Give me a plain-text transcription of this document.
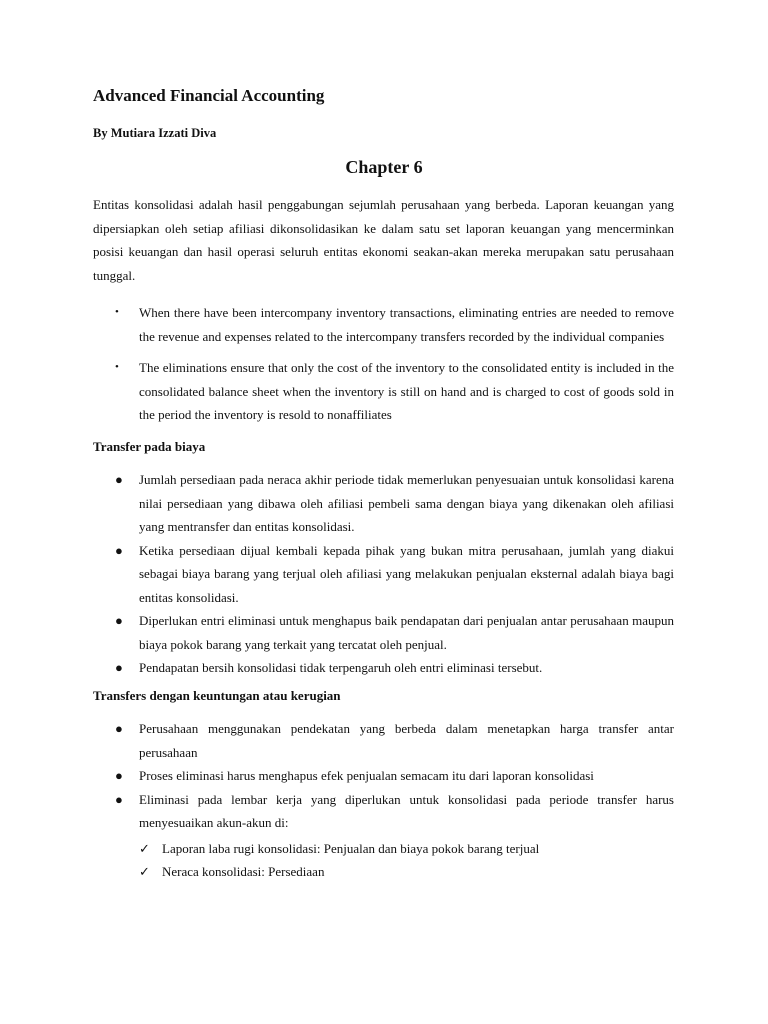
Advanced Financial Accounting

By Mutiara Izzati Diva

Chapter 6

Entitas konsolidasi adalah hasil penggabungan sejumlah perusahaan yang berbeda. Laporan keuangan yang dipersiapkan oleh setiap afiliasi dikonsolidasikan ke dalam satu set laporan keuangan yang mencerminkan posisi keuangan dan hasil operasi seluruh entitas ekonomi seakan-akan mereka merupakan satu perusahaan tunggal.

• When there have been intercompany inventory transactions, eliminating entries are needed to remove the revenue and expenses related to the intercompany transfers recorded by the individual companies
• The eliminations ensure that only the cost of the inventory to the consolidated entity is included in the consolidated balance sheet when the inventory is still on hand and is charged to cost of goods sold in the period the inventory is resold to nonaffiliates

Transfer pada biaya

● Jumlah persediaan pada neraca akhir periode tidak memerlukan penyesuaian untuk konsolidasi karena nilai persediaan yang dibawa oleh afiliasi pembeli sama dengan biaya yang dikenakan oleh afiliasi yang mentransfer dan entitas konsolidasi.
● Ketika persediaan dijual kembali kepada pihak yang bukan mitra perusahaan, jumlah yang diakui sebagai biaya barang yang terjual oleh afiliasi yang melakukan penjualan eksternal adalah biaya bagi entitas konsolidasi.
● Diperlukan entri eliminasi untuk menghapus baik pendapatan dari penjualan antar perusahaan maupun biaya pokok barang yang terkait yang tercatat oleh penjual.
● Pendapatan bersih konsolidasi tidak terpengaruh oleh entri eliminasi tersebut.

Transfers dengan keuntungan atau kerugian

● Perusahaan menggunakan pendekatan yang berbeda dalam menetapkan harga transfer antar perusahaan
● Proses eliminasi harus menghapus efek penjualan semacam itu dari laporan konsolidasi
● Eliminasi pada lembar kerja yang diperlukan untuk konsolidasi pada periode transfer harus menyesuaikan akun-akun di:
✓ Laporan laba rugi konsolidasi: Penjualan dan biaya pokok barang terjual
✓ Neraca konsolidasi: Persediaan
